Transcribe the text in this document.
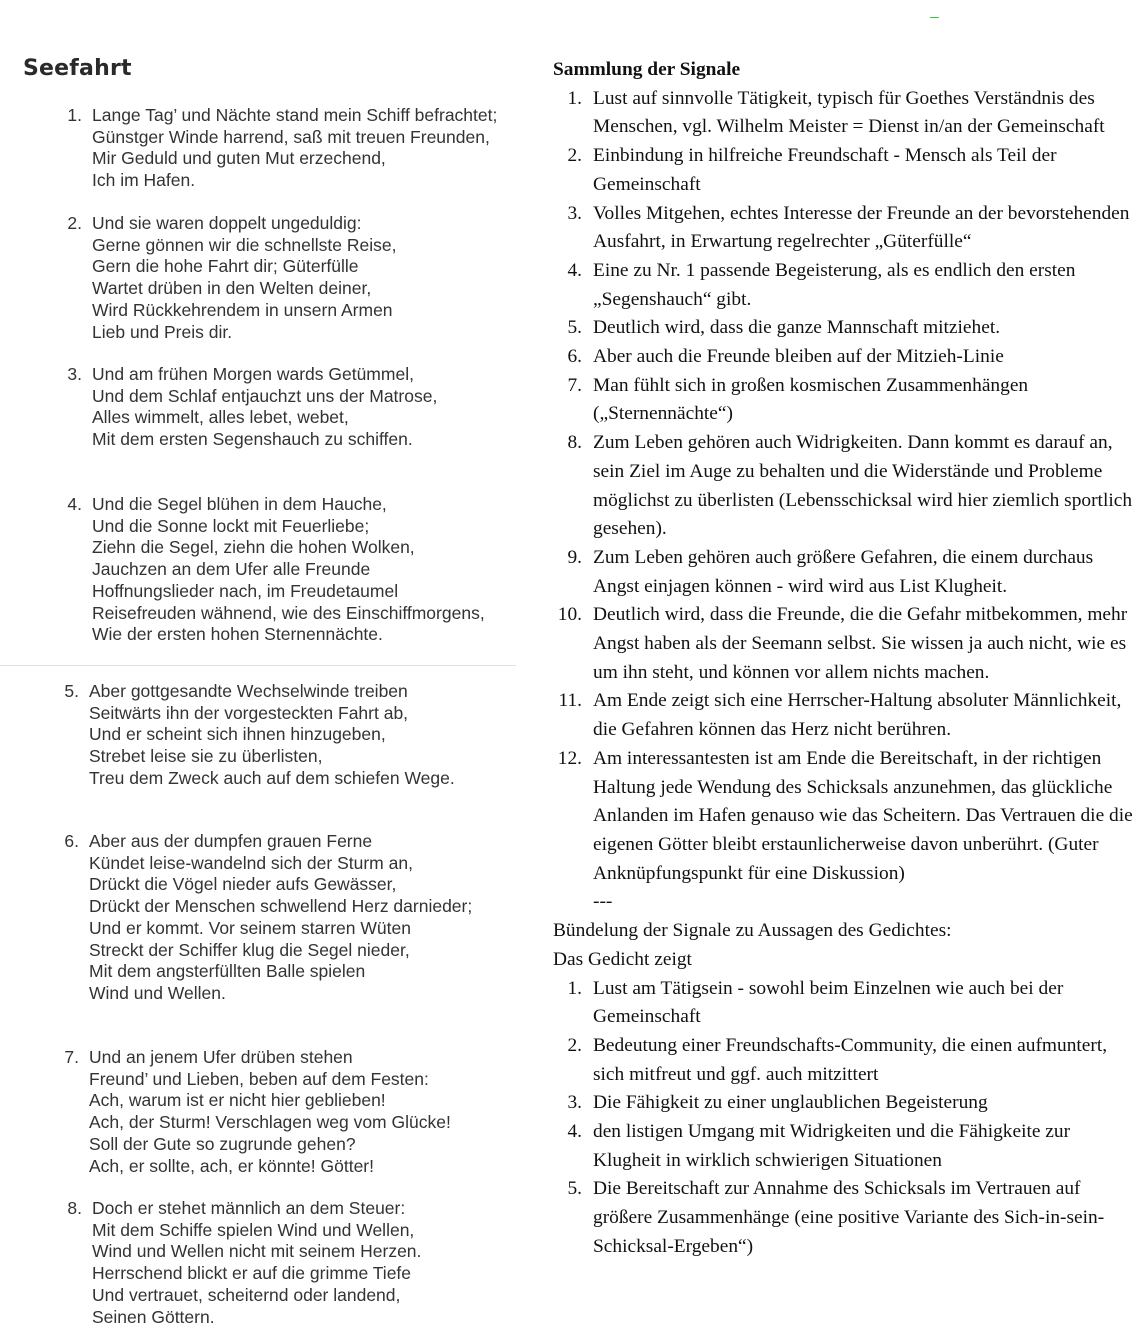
Seefahrt
1. Lange Tag’ und Nächte stand mein Schiff befrachtet;
Günstger Winde harrend, saß mit treuen Freunden,
Mir Geduld und guten Mut erzechend,
Ich im Hafen.
2. Und sie waren doppelt ungeduldig:
Gerne gönnen wir die schnellste Reise,
Gern die hohe Fahrt dir; Güterfülle
Wartet drüben in den Welten deiner,
Wird Rückkehrendem in unsern Armen
Lieb und Preis dir.
3. Und am frühen Morgen wards Getümmel,
Und dem Schlaf entjauchzt uns der Matrose,
Alles wimmelt, alles lebet, webet,
Mit dem ersten Segenshauch zu schiffen.
4. Und die Segel blühen in dem Hauche,
Und die Sonne lockt mit Feuerliebe;
Ziehn die Segel, ziehn die hohen Wolken,
Jauchzen an dem Ufer alle Freunde
Hoffnungslieder nach, im Freudetaumel
Reisefreuden wähnend, wie des Einschiffmorgens,
Wie der ersten hohen Sternennächte.
5. Aber gottgesandte Wechselwinde treiben
Seitwärts ihn der vorgesteckten Fahrt ab,
Und er scheint sich ihnen hinzugeben,
Strebet leise sie zu überlisten,
Treu dem Zweck auch auf dem schiefen Wege.
6. Aber aus der dumpfen grauen Ferne
Kündet leise-wandelnd sich der Sturm an,
Drückt die Vögel nieder aufs Gewässer,
Drückt der Menschen schwellend Herz darnieder;
Und er kommt. Vor seinem starren Wüten
Streckt der Schiffer klug die Segel nieder,
Mit dem angsterfüllten Balle spielen
Wind und Wellen.
7. Und an jenem Ufer drüben stehen
Freund’ und Lieben, beben auf dem Festen:
Ach, warum ist er nicht hier geblieben!
Ach, der Sturm! Verschlagen weg vom Glücke!
Soll der Gute so zugrunde gehen?
Ach, er sollte, ach, er könnte! Götter!
8. Doch er stehet männlich an dem Steuer:
Mit dem Schiffe spielen Wind und Wellen,
Wind und Wellen nicht mit seinem Herzen.
Herrschend blickt er auf die grimme Tiefe
Und vertrauet, scheiternd oder landend,
Seinen Göttern.
Sammlung der Signale
1. Lust auf sinnvolle Tätigkeit, typisch für Goethes Verständnis des Menschen, vgl. Wilhelm Meister = Dienst in/an der Gemeinschaft
2. Einbindung in hilfreiche Freundschaft - Mensch als Teil der Gemeinschaft
3. Volles Mitgehen, echtes Interesse der Freunde an der bevorstehenden Ausfahrt, in Erwartung regelrechter „Güterfülle“
4. Eine zu Nr. 1 passende Begeisterung, als es endlich den ersten „Segenshauch“ gibt.
5. Deutlich wird, dass die ganze Mannschaft mitziehet.
6. Aber auch die Freunde bleiben auf der Mitzieh-Linie
7. Man fühlt sich in großen kosmischen Zusammenhängen („Sternennächte“)
8. Zum Leben gehören auch Widrigkeiten. Dann kommt es darauf an, sein Ziel im Auge zu behalten und die Widerstände und Probleme möglichst zu überlisten (Lebensschicksal wird hier ziemlich sportlich gesehen).
9. Zum Leben gehören auch größere Gefahren, die einem durchaus Angst einjagen können - wird wird aus List Klugheit.
10. Deutlich wird, dass die Freunde, die die Gefahr mitbekommen, mehr Angst haben als der Seemann selbst. Sie wissen ja auch nicht, wie es um ihn steht, und können vor allem nichts machen.
11. Am Ende zeigt sich eine Herrscher-Haltung absoluter Männlichkeit, die Gefahren können das Herz nicht berühren.
12. Am interessantesten ist am Ende die Bereitschaft, in der richtigen Haltung jede Wendung des Schicksals anzunehmen, das glückliche Anlanden im Hafen genauso wie das Scheitern. Das Vertrauen die die eigenen Götter bleibt erstaunlicherweise davon unberührt. (Guter Anknüpfungspunkt für eine Diskussion)

---

Bündelung der Signale zu Aussagen des Gedichtes:

Das Gedicht zeigt

1. Lust am Tätigsein - sowohl beim Einzelnen wie auch bei der Gemeinschaft
2. Bedeutung einer Freundschafts-Community, die einen aufmuntert, sich mitfreut und ggf. auch mitzittert
3. Die Fähigkeit zu einer unglaublichen Begeisterung
4. den listigen Umgang mit Widrigkeiten und die Fähigkeite zur Klugheit in wirklich schwierigen Situationen
5. Die Bereitschaft zur Annahme des Schicksals im Vertrauen auf größere Zusammenhänge (eine positive Variante des Sich-in-sein-Schicksal-Ergeben“)
